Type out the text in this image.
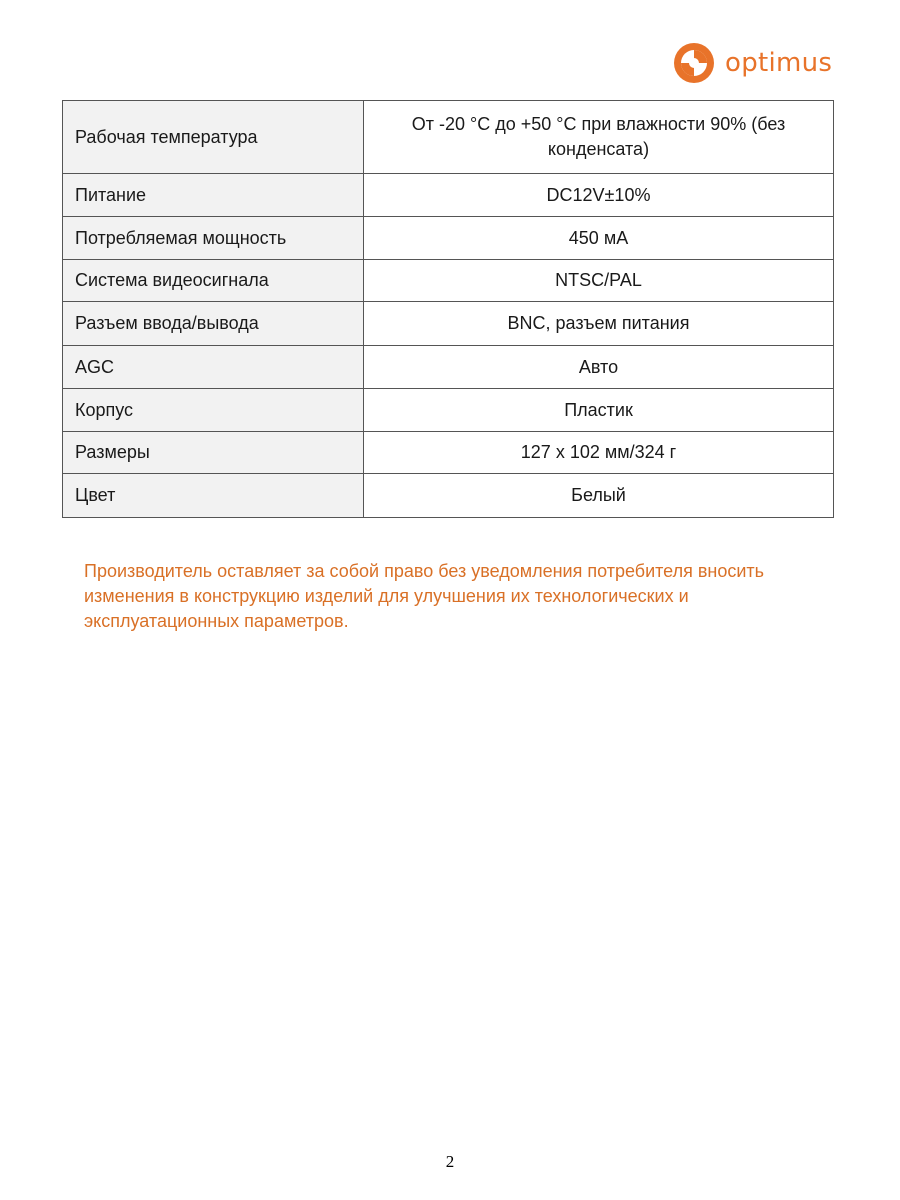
optimus
Рабочая температура	От -20 °С до +50 °С при влажности 90% (без конденсата)
Питание	DC12V±10%
Потребляемая мощность	450 мА
Система видеосигнала	NTSC/PAL
Разъем ввода/вывода	BNC, разъем питания
AGC	Авто
Корпус	Пластик
Размеры	127 x 102 мм/324 г
Цвет	Белый

Производитель оставляет за собой право без уведомления потребителя вносить изменения в конструкцию изделий для улучшения их технологических и эксплуатационных параметров.

2
